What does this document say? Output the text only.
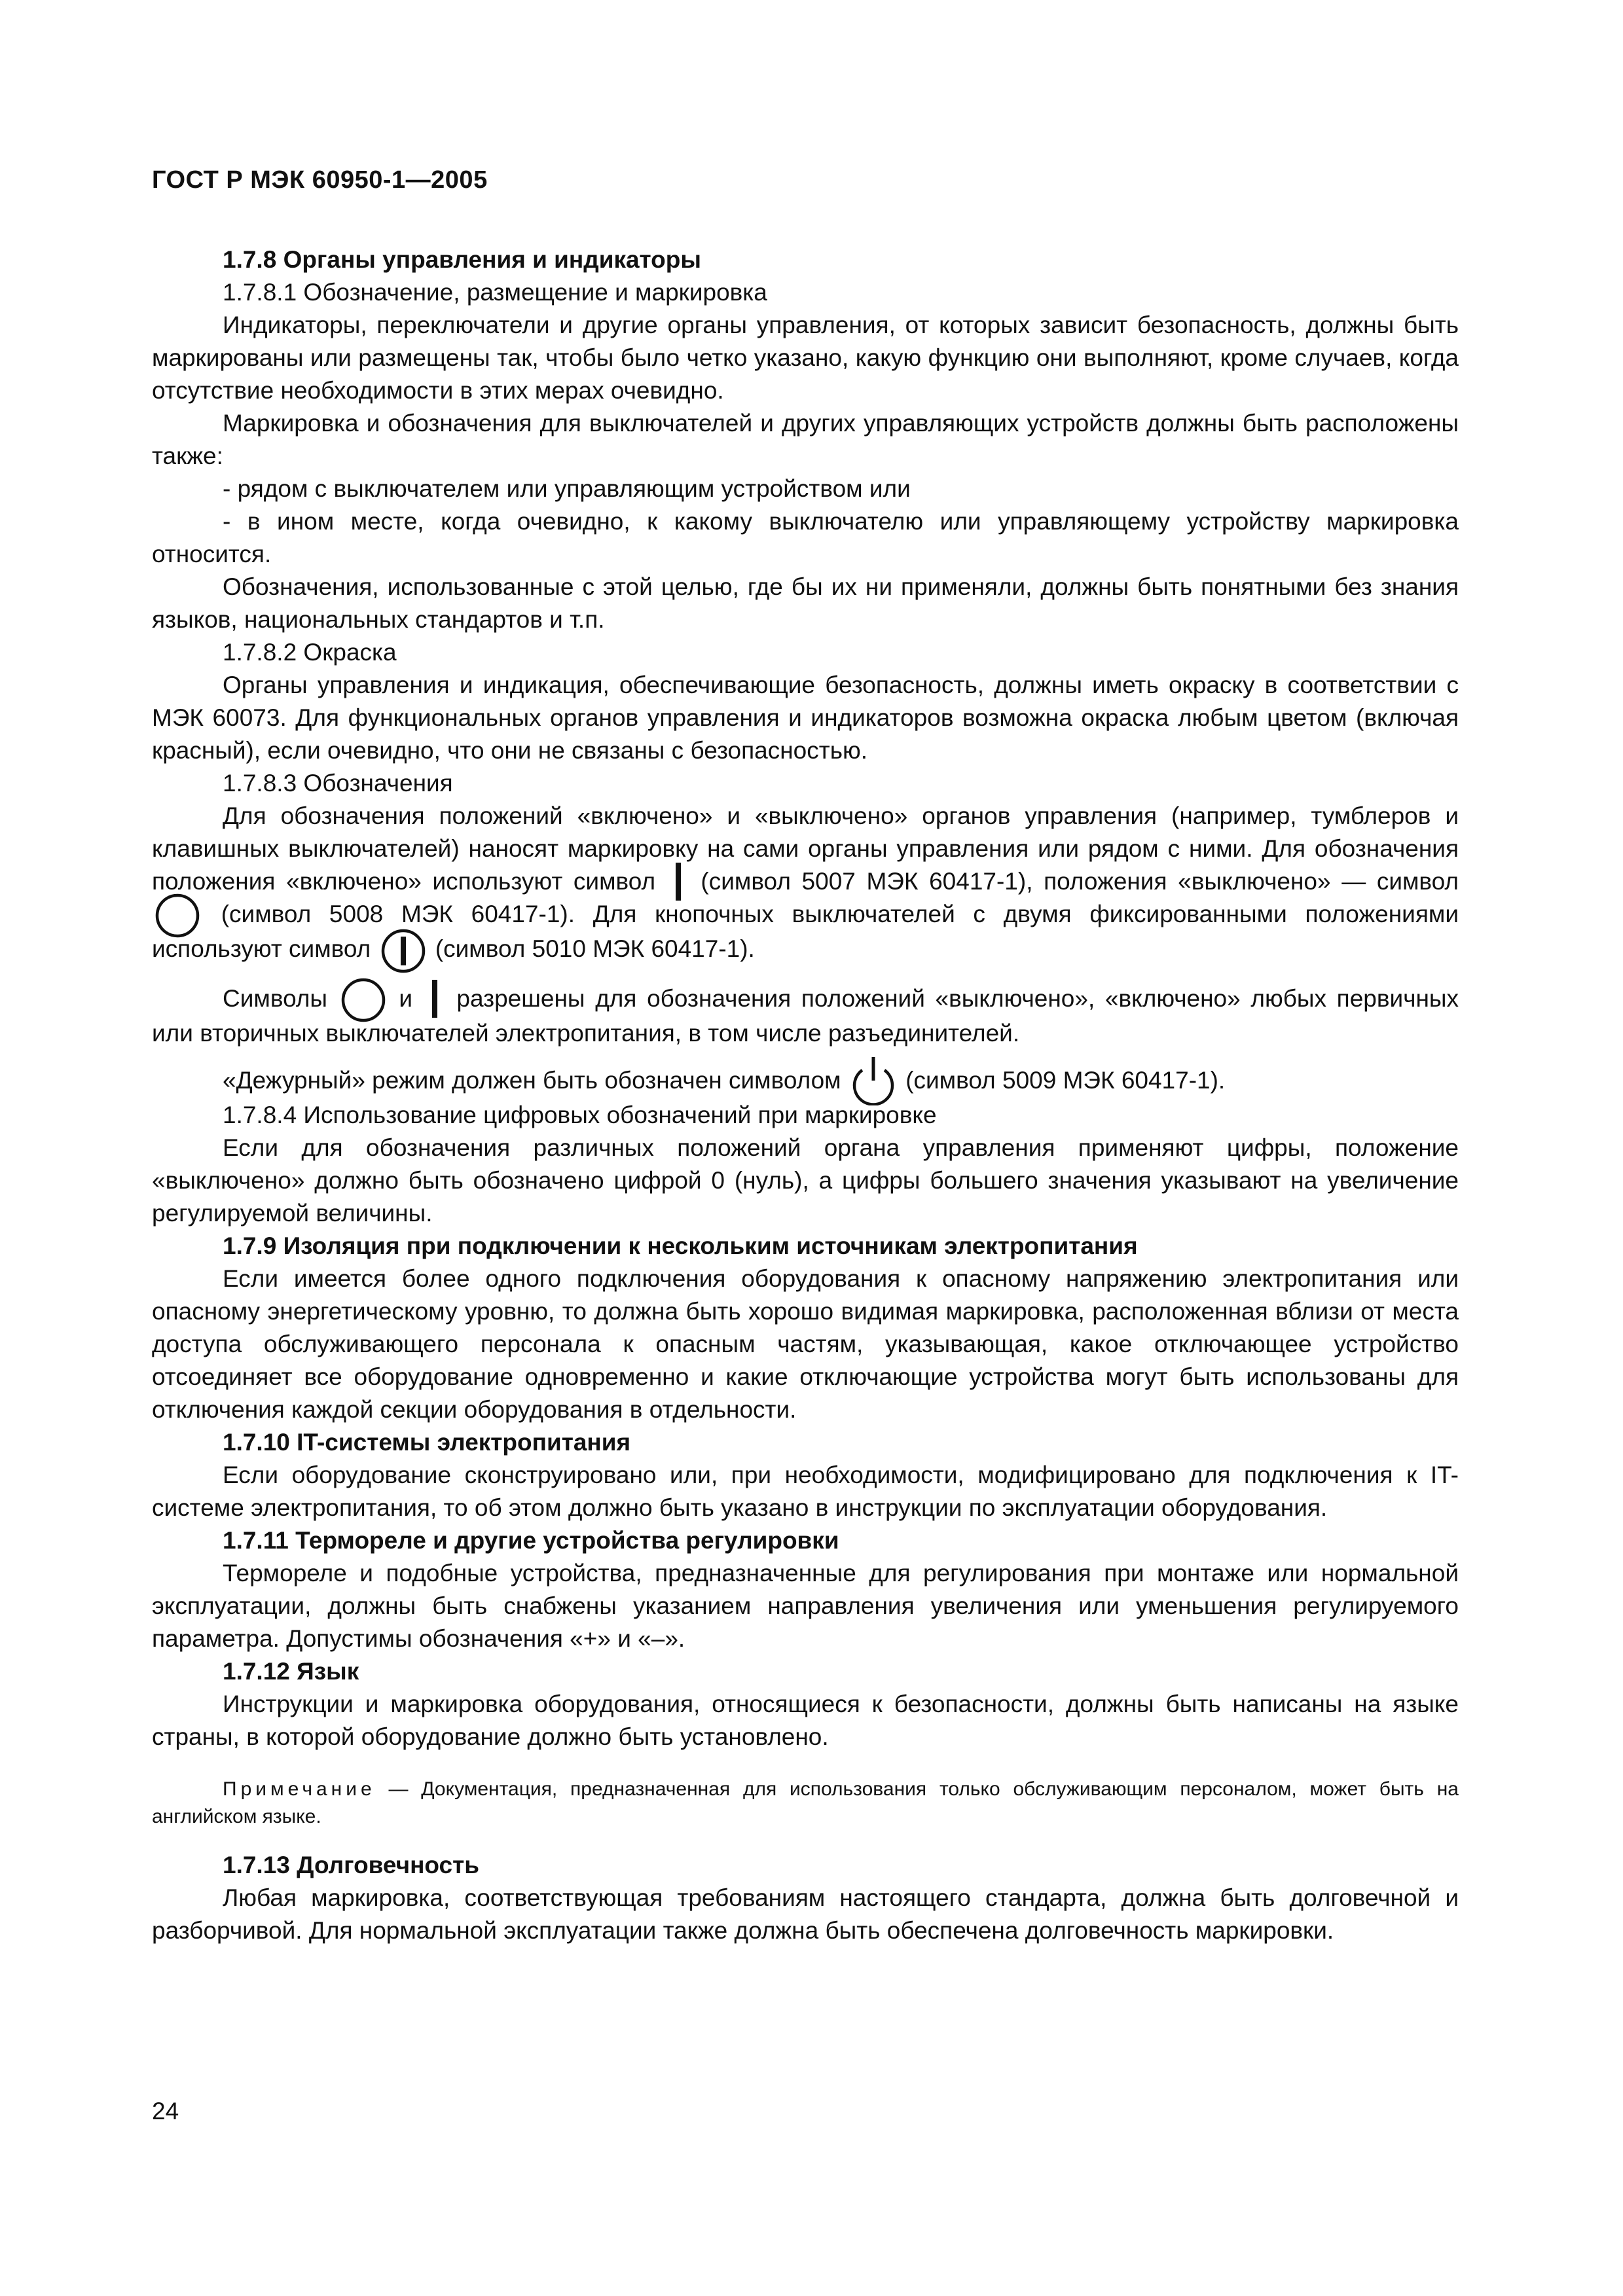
ГОСТ Р МЭК 60950-1—2005

1.7.8 Органы управления и индикаторы

1.7.8.1 Обозначение, размещение и маркировка

Индикаторы, переключатели и другие органы управления, от которых зависит безопасность, должны быть маркированы или размещены так, чтобы было четко указано, какую функцию они выполняют, кроме случаев, когда отсутствие необходимости в этих мерах очевидно.

Маркировка и обозначения для выключателей и других управляющих устройств должны быть расположены также:

- рядом с выключателем или управляющим устройством или

- в ином месте, когда очевидно, к какому выключателю или управляющему устройству маркировка относится.

Обозначения, использованные с этой целью, где бы их ни применяли, должны быть понятными без знания языков, национальных стандартов и т.п.

1.7.8.2 Окраска

Органы управления и индикация, обеспечивающие безопасность, должны иметь окраску в соответствии с МЭК 60073. Для функциональных органов управления и индикаторов возможна окраска любым цветом (включая красный), если очевидно, что они не связаны с безопасностью.

1.7.8.3 Обозначения

Для обозначения положений «включено» и «выключено» органов управления (например, тумблеров и клавишных выключателей) наносят маркировку на сами органы управления или рядом с ними. Для обозначения положения «включено» используют символ (символ 5007 МЭК 60417-1), положения «выключено» — символ
(символ 5008 МЭК 60417-1). Для кнопочных выключателей с двумя фиксированными положениями используют символ	(символ 5010 МЭК 60417-1).

Символы	и разрешены для обозначения положений «выключено», «включено» любых первичных или вторичных выключателей электропитания, в том числе разъединителей.

«Дежурный» режим должен быть обозначен символом	(символ 5009 МЭК 60417-1).

1.7.8.4 Использование цифровых обозначений при маркировке

Если для обозначения различных положений органа управления применяют цифры, положение «выключено» должно быть обозначено цифрой 0 (нуль), а цифры большего значения указывают на увеличение регулируемой величины.

1.7.9 Изоляция при подключении к нескольким источникам электропитания

Если имеется более одного подключения оборудования к опасному напряжению электропитания или опасному энергетическому уровню, то должна быть хорошо видимая маркировка, расположенная вблизи от места доступа обслуживающего персонала к опасным частям, указывающая, какое отключающее устройство отсоединяет все оборудование одновременно и какие отключающие устройства могут быть использованы для отключения каждой секции оборудования в отдельности.

1.7.10 IT-системы электропитания

Если оборудование сконструировано или, при необходимости, модифицировано для подключения к IT-системе электропитания, то об этом должно быть указано в инструкции по эксплуатации оборудования.

1.7.11 Термореле и другие устройства регулировки

Термореле и подобные устройства, предназначенные для регулирования при монтаже или нормальной эксплуатации, должны быть снабжены указанием направления увеличения или уменьшения регулируемого параметра. Допустимы обозначения «+» и «–».

1.7.12 Язык

Инструкции и маркировка оборудования, относящиеся к безопасности, должны быть написаны на языке страны, в которой оборудование должно быть установлено.

Примечание — Документация, предназначенная для использования только обслуживающим персоналом, может быть на английском языке.

1.7.13 Долговечность

Любая маркировка, соответствующая требованиям настоящего стандарта, должна быть долговечной и разборчивой. Для нормальной эксплуатации также должна быть обеспечена долговечность маркировки.

24
